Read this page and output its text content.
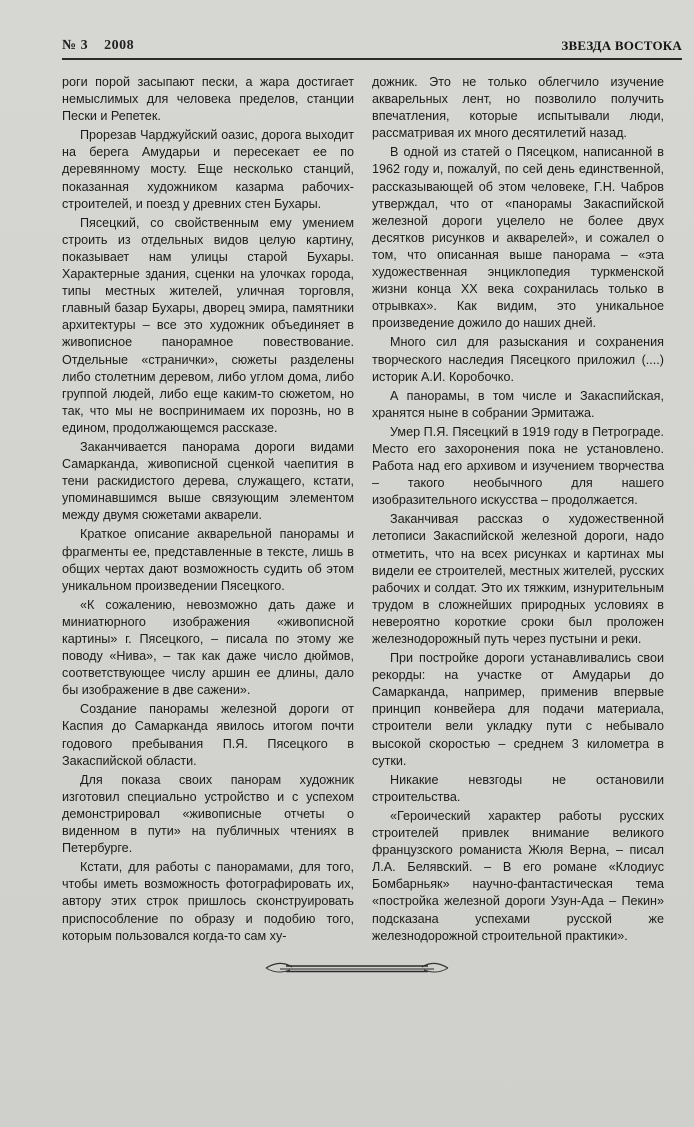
№ 3    2008	ЗВЕЗДА ВОСТОКА

роги порой засыпают пески, а жара достигает немыслимых для человека пределов, станции Пески и Репетек.

Прорезав Чарджуйский оазис, дорога выходит на берега Амударьи и пересекает ее по деревянному мосту. Еще несколько станций, показанная художником казарма рабочих-строителей, и поезд у древних стен Бухары.

Пясецкий, со свойственным ему умением строить из отдельных видов целую картину, показывает нам улицы старой Бухары. Характерные здания, сценки на улочках города, типы местных жителей, уличная торговля, главный базар Бухары, дворец эмира, памятники архитектуры – все это художник объединяет в живописное панорамное повествование. Отдельные «странички», сюжеты разделены либо столетним деревом, либо углом дома, либо группой людей, либо еще каким-то сюжетом, но так, что мы не воспринимаем их порознь, но в едином, продолжающемся рассказе.

Заканчивается панорама дороги видами Самарканда, живописной сценкой чаепития в тени раскидистого дерева, служащего, кстати, упоминавшимся выше связующим элементом между двумя сюжетами акварели.

Краткое описание акварельной панорамы и фрагменты ее, представленные в тексте, лишь в общих чертах дают возможность судить об этом уникальном произведении Пясецкого.

«К сожалению, невозможно дать даже и миниатюрного изображения «живописной картины» г. Пясецкого, – писала по этому же поводу «Нива», – так как даже число дюймов, соответствующее числу аршин ее длины, дало бы изображение в две сажени».

Создание панорамы железной дороги от Каспия до Самарканда явилось итогом почти годового пребывания П.Я. Пясецкого в Закаспийской области.

Для показа своих панорам художник изготовил специально устройство и с успехом демонстрировал «живописные отчеты о виденном в пути» на публичных чтениях в Петербурге.

Кстати, для работы с панорамами, для того, чтобы иметь возможность фотографировать их, автору этих строк пришлось сконструировать приспособление по образу и подобию того, которым пользовался когда-то сам ху-

дожник. Это не только облегчило изучение акварельных лент, но позволило получить впечатления, которые испытывали люди, рассматривая их много десятилетий назад.

В одной из статей о Пясецком, написанной в 1962 году и, пожалуй, по сей день единственной, рассказывающей об этом человеке, Г.Н. Чабров утверждал, что от «панорамы Закаспийской железной дороги уцелело не более двух десятков рисунков и акварелей», и сожалел о том, что описанная выше панорама – «эта художественная энциклопедия туркменской жизни конца XX века сохранилась только в отрывках». Как видим, это уникальное произведение дожило до наших дней.

Много сил для разыскания и сохранения творческого наследия Пясецкого приложил (....) историк А.И. Коробочко.

А панорамы, в том числе и Закаспийская, хранятся ныне в собрании Эрмитажа.

Умер П.Я. Пясецкий в 1919 году в Петрограде. Место его захоронения пока не установлено. Работа над его архивом и изучением творчества – такого необычного для нашего изобразительного искусства – продолжается.

Заканчивая рассказ о художественной летописи Закаспийской железной дороги, надо отметить, что на всех рисунках и картинах мы видели ее строителей, местных жителей, русских рабочих и солдат. Это их тяжким, изнурительным трудом в сложнейших природных условиях в невероятно короткие сроки был проложен железнодорожный путь через пустыни и реки.

При постройке дороги устанавливались свои рекорды: на участке от Амударьи до Самарканда, например, применив впервые принцип конвейера для подачи материала, строители вели укладку пути с небывало высокой скоростью – среднем 3 километра в сутки.

Никакие невзгоды не остановили строительства.

«Героический характер работы русских строителей привлек внимание великого французского романиста Жюля Верна, – писал Л.А. Белявский. – В его романе «Клодиус Бомбарньяк» научно-фантастическая тема «постройка железной дороги Узун-Ада – Пекин» подсказана успехами русской же железнодорожной строительной практики».
